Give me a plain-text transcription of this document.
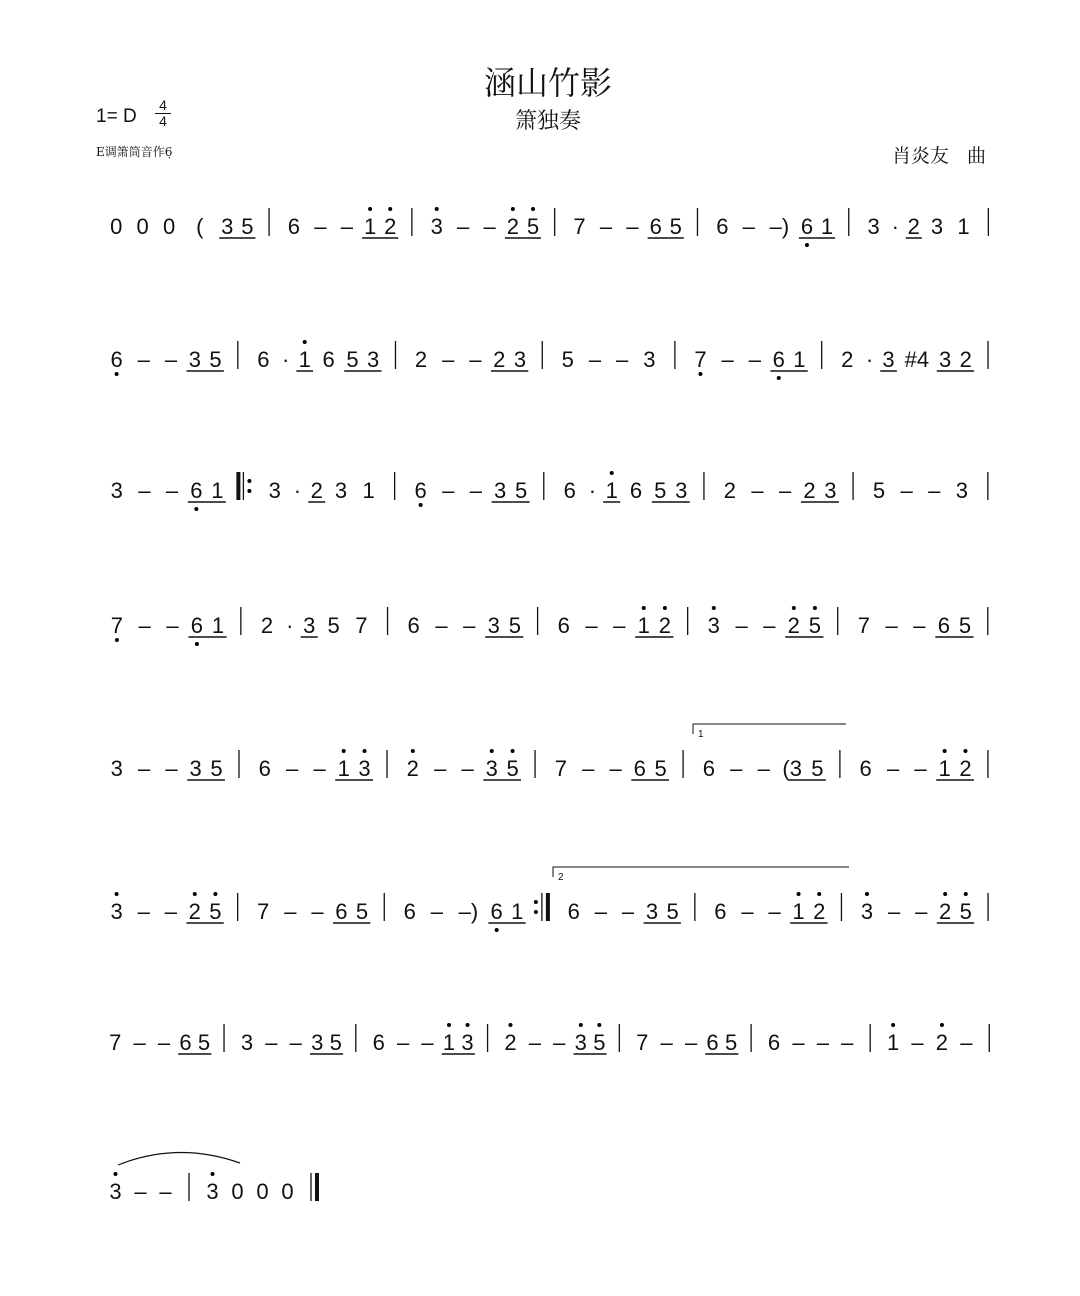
涵山竹影
箫独奏
1= D
4
4
E调箫筒音作6̣	肖炎友 曲
0 0 0 ( 3 5 6 – – 1 2 3 – – 2 5 7 – – 6 5 6 – –) 6 1 3 · 2 3 1
6 – – 3 5 6 · 1 6 5 3 2 – – 2 3 5 – – 3 7 – – 6 1 2 · 3 #4 3 2
3 – – 6 1 3 · 2 3 1 6 – – 3 5 6 · 1 6 5 3 2 – – 2 3 5 – – 3
7 – – 6 1 2 · 3 5 7 6 – – 3 5 6 – – 1 2 3 – – 2 5 7 – – 6 5
3 – – 3 5 6 – – 1 3 2 – – 3 5 7 – – 6 5 6 – – (3 5 6 – – 1 2
1
3 – – 2 5 7 – – 6 5 6 – –) 6 1 6 – – 3 5 6 – – 1 2 3 – – 2 5
2
7 – – 6 5 3 – – 3 5 6 – – 1 3 2 – – 3 5 7 – – 6 5 6 – – – 1 – 2 –
3 – – 3 0 0 0
